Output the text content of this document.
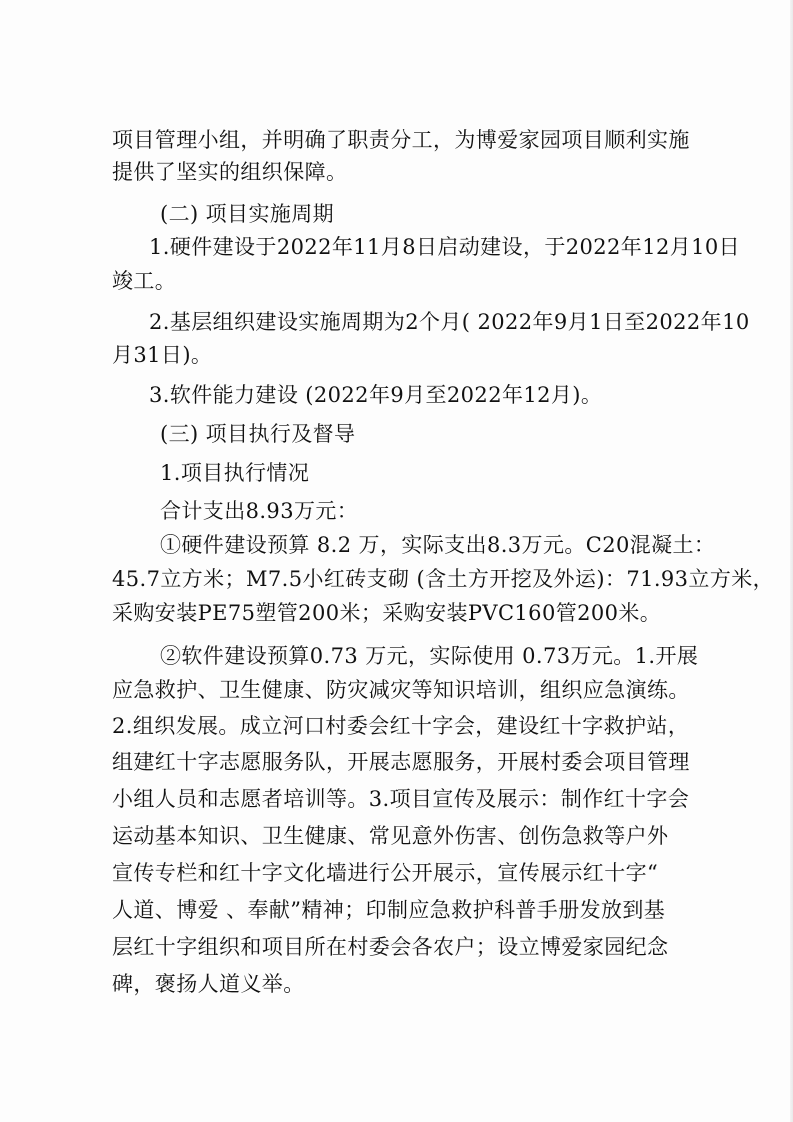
项目管理小组，并明确了职责分工，为博爱家园项目顺利实施
提供了坚实的组织保障。
(二) 项目实施周期
1.硬件建设于2022年11月8日启动建设，于2022年12月10日
竣工。
2.基层组织建设实施周期为2个月( 2022年9月1日至2022年10
月31日)。
3.软件能力建设 (2022年9月至2022年12月)。
(三) 项目执行及督导
1.项目执行情况
合计支出8.93万元：
①硬件建设预算 8.2 万，实际支出8.3万元。C20混凝土：
45.7立方米；M7.5小红砖支砌 (含土方开挖及外运)：71.93立方米，
采购安装PE75塑管200米；采购安装PVC160管200米。
②软件建设预算0.73 万元，实际使用 0.73万元。1.开展
应急救护、卫生健康、防灾减灾等知识培训，组织应急演练。
2.组织发展。成立河口村委会红十字会，建设红十字救护站，
组建红十字志愿服务队，开展志愿服务，开展村委会项目管理
小组人员和志愿者培训等。3.项目宣传及展示：制作红十字会
运动基本知识、卫生健康、常见意外伤害、创伤急救等户外
宣传专栏和红十字文化墙进行公开展示，宣传展示红十字“
人道、博爱 、奉献”精神；印制应急救护科普手册发放到基
层红十字组织和项目所在村委会各农户；设立博爱家园纪念
碑，褒扬人道义举。
